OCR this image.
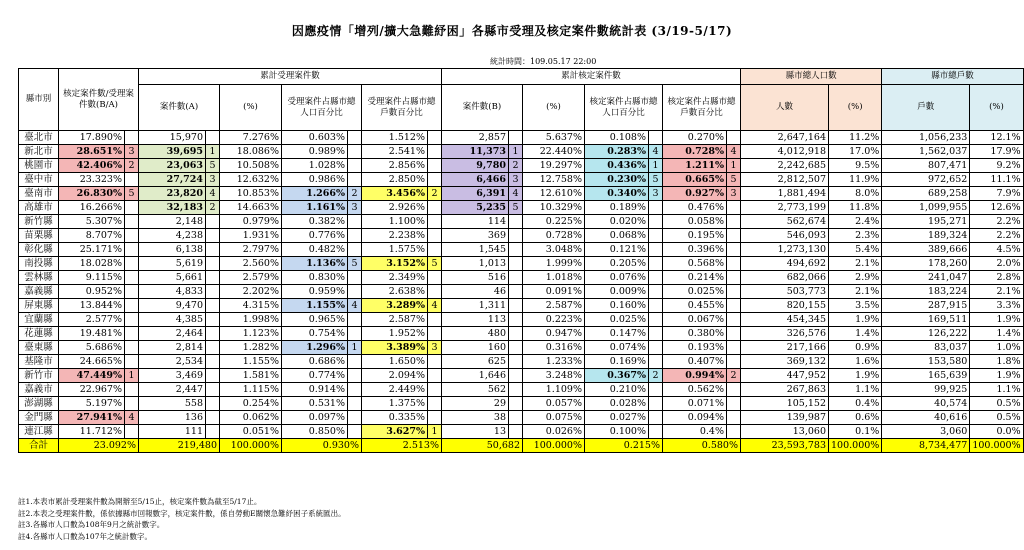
因應疫情「增列/擴大急難紓困」各縣市受理及核定案件數統計表 (3/19-5/17)
統計時間：109.05.17 22:00
縣市別	核定案件數/受理案件數(B/A)		累計受理案件數							累計核定案件數							縣市總人口數		縣市總戶數	
			案件數(A)		(%)	受理案件占縣市總人口百分比		受理案件占縣市總戶數百分比		案件數(B)		(%)	核定案件占縣市總人口百分比		核定案件占縣市總戶數百分比		人數	(%)	戶數	(%)
臺北市	17.890%		15,970		7.276%	0.603%		1.512%		2,857		5.637%	0.108%		0.270%		2,647,164	11.2%	1,056,233	12.1%
新北市	28.651%	3	39,695	1	18.086%	0.989%		2.541%		11,373	1	22.440%	0.283%	4	0.728%	4	4,012,918	17.0%	1,562,037	17.9%
桃園市	42.406%	2	23,063	5	10.508%	1.028%		2.856%		9,780	2	19.297%	0.436%	1	1.211%	1	2,242,685	9.5%	807,471	9.2%
臺中市	23.323%		27,724	3	12.632%	0.986%		2.850%		6,466	3	12.758%	0.230%	5	0.665%	5	2,812,507	11.9%	972,652	11.1%
臺南市	26.830%	5	23,820	4	10.853%	1.266%	2	3.456%	2	6,391	4	12.610%	0.340%	3	0.927%	3	1,881,494	8.0%	689,258	7.9%
高雄市	16.266%		32,183	2	14.663%	1.161%	3	2.926%		5,235	5	10.329%	0.189%		0.476%		2,773,199	11.8%	1,099,955	12.6%
新竹縣	5.307%		2,148		0.979%	0.382%		1.100%		114		0.225%	0.020%		0.058%		562,674	2.4%	195,271	2.2%
苗栗縣	8.707%		4,238		1.931%	0.776%		2.238%		369		0.728%	0.068%		0.195%		546,093	2.3%	189,324	2.2%
彰化縣	25.171%		6,138		2.797%	0.482%		1.575%		1,545		3.048%	0.121%		0.396%		1,273,130	5.4%	389,666	4.5%
南投縣	18.028%		5,619		2.560%	1.136%	5	3.152%	5	1,013		1.999%	0.205%		0.568%		494,692	2.1%	178,260	2.0%
雲林縣	9.115%		5,661		2.579%	0.830%		2.349%		516		1.018%	0.076%		0.214%		682,066	2.9%	241,047	2.8%
嘉義縣	0.952%		4,833		2.202%	0.959%		2.638%		46		0.091%	0.009%		0.025%		503,773	2.1%	183,224	2.1%
屏東縣	13.844%		9,470		4.315%	1.155%	4	3.289%	4	1,311		2.587%	0.160%		0.455%		820,155	3.5%	287,915	3.3%
宜蘭縣	2.577%		4,385		1.998%	0.965%		2.587%		113		0.223%	0.025%		0.067%		454,345	1.9%	169,511	1.9%
花蓮縣	19.481%		2,464		1.123%	0.754%		1.952%		480		0.947%	0.147%		0.380%		326,576	1.4%	126,222	1.4%
臺東縣	5.686%		2,814		1.282%	1.296%	1	3.389%	3	160		0.316%	0.074%		0.193%		217,166	0.9%	83,037	1.0%
基隆市	24.665%		2,534		1.155%	0.686%		1.650%		625		1.233%	0.169%		0.407%		369,132	1.6%	153,580	1.8%
新竹市	47.449%	1	3,469		1.581%	0.774%		2.094%		1,646		3.248%	0.367%	2	0.994%	2	447,952	1.9%	165,639	1.9%
嘉義市	22.967%		2,447		1.115%	0.914%		2.449%		562		1.109%	0.210%		0.562%		267,863	1.1%	99,925	1.1%
澎湖縣	5.197%		558		0.254%	0.531%		1.375%		29		0.057%	0.028%		0.071%		105,152	0.4%	40,574	0.5%
金門縣	27.941%	4	136		0.062%	0.097%		0.335%		38		0.075%	0.027%		0.094%		139,987	0.6%	40,616	0.5%
連江縣	11.712%		111		0.051%	0.850%		3.627%	1	13		0.026%	0.100%		0.4%		13,060	0.1%	3,060	0.0%
合計	23.092%		219,480		100.000%	0.930%		2.513%		50,682		100.000%	0.215%		0.580%		23,593,783	100.000%	8,734,477	100.000%
註1.本表市累計受理案件數為開辦至5/15止，核定案件數為截至5/17止。
註2.本表之受理案件數，係依據縣市回報數字，核定案件數，係自勞動E關懷急難紓困子系統匯出。
註3.各縣市人口數為108年9月之統計數字。
註4.各縣市人口數為107年之統計數字。
